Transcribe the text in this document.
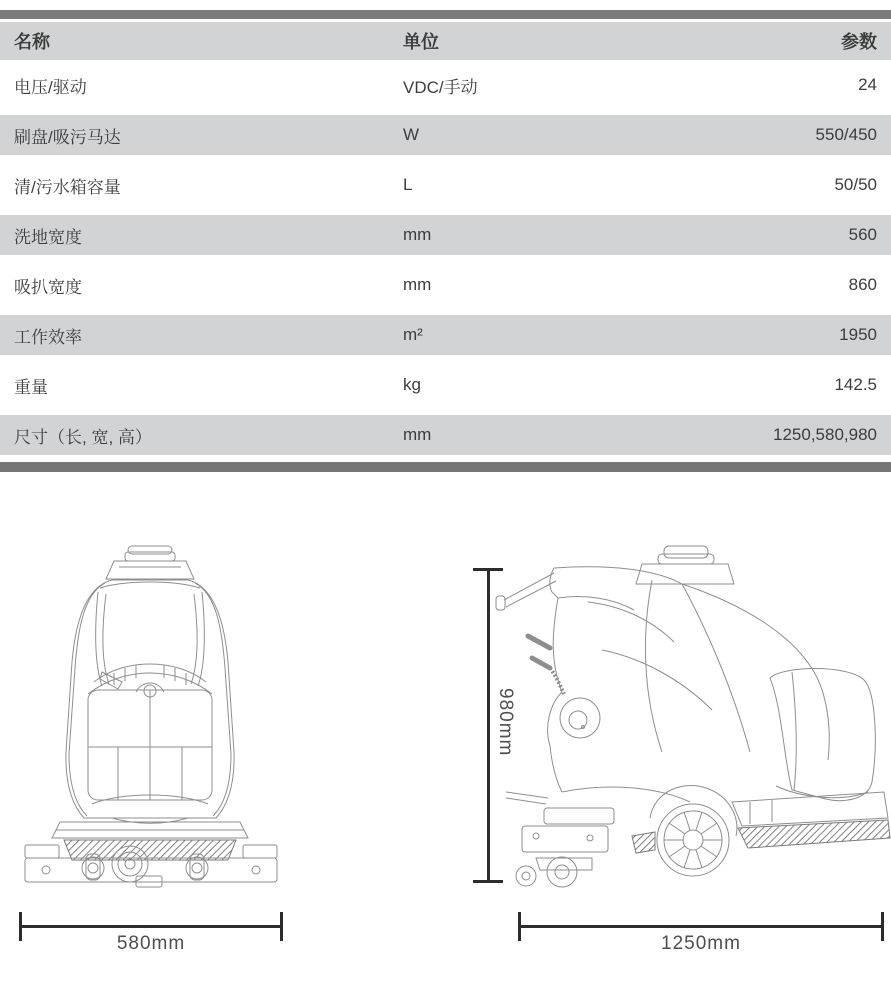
名称	单位	参数
电压/驱动	VDC/手动	24
刷盘/吸污马达	W	550/450
清/污水箱容量	L	50/50
洗地宽度	mm	560
吸扒宽度	mm	860
工作效率	m²	1950
重量	kg	142.5
尺寸（长, 宽, 高）	mm	1250,580,980
580mm	1250mm
980mm
